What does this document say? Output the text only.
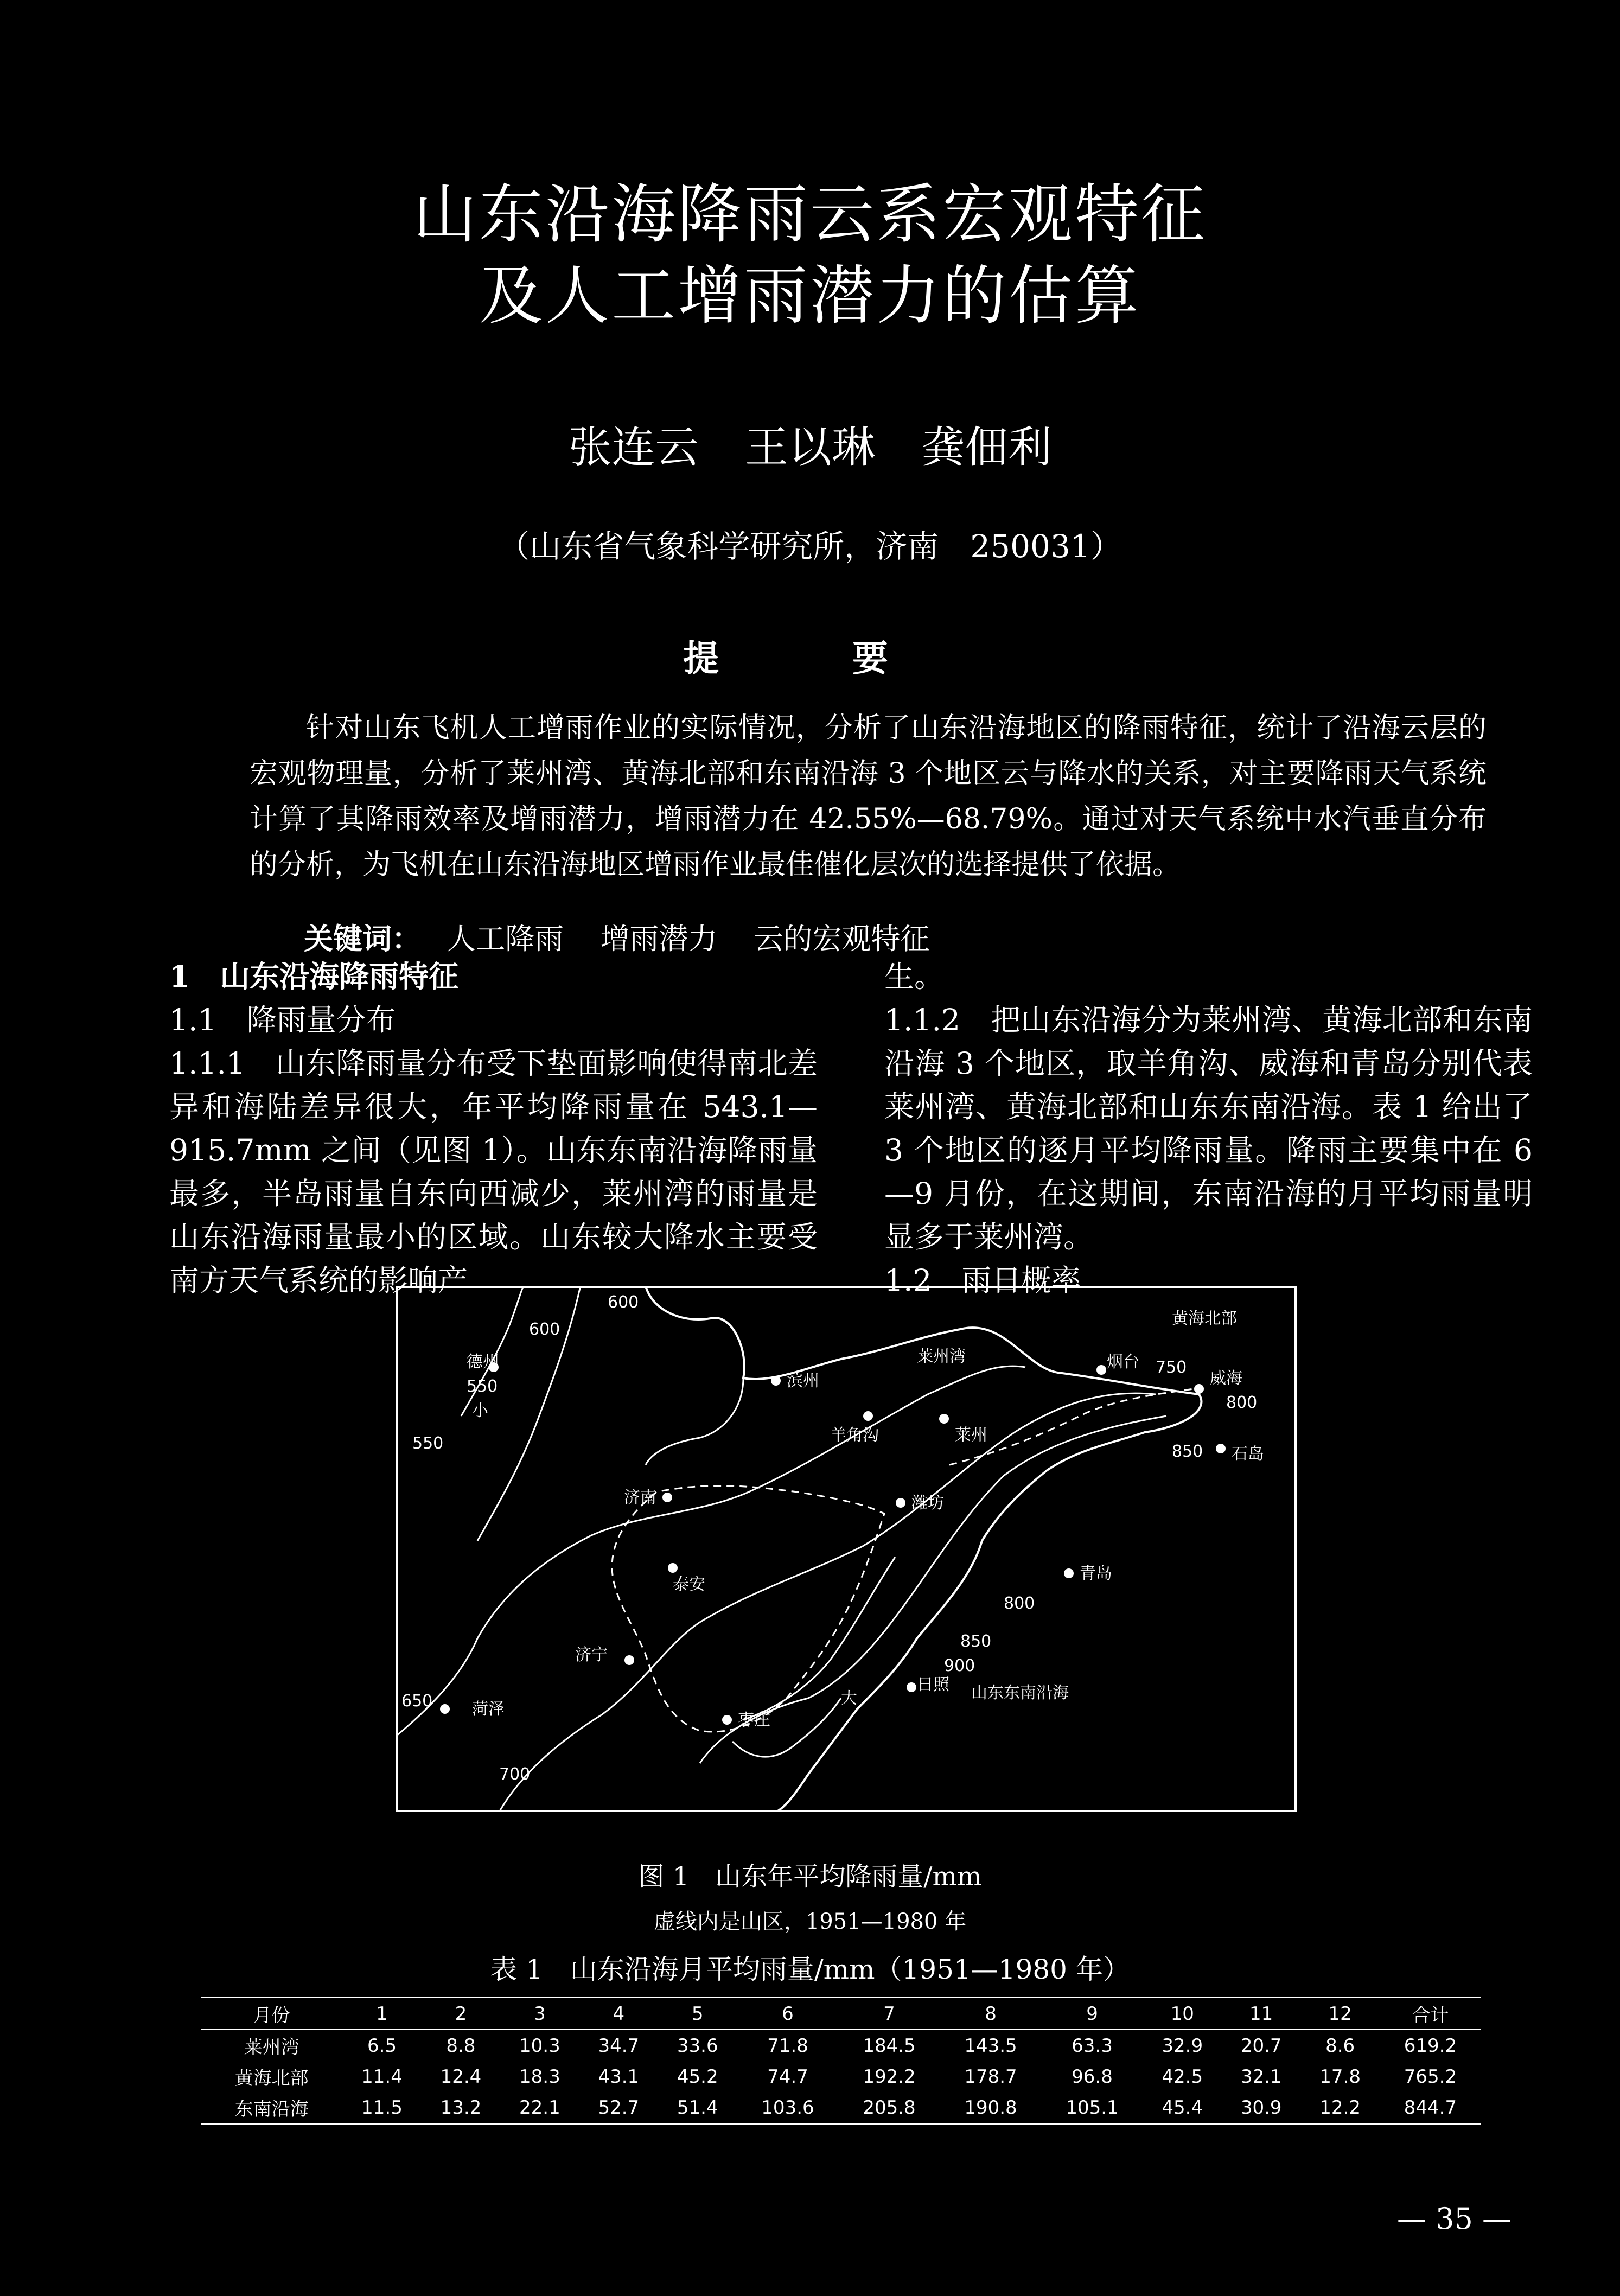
山东沿海降雨云系宏观特征
及人工增雨潜力的估算
张连云 王以琳 龚佃利
（山东省气象科学研究所，济南　250031）
提　要

针对山东飞机人工增雨作业的实际情况，分析了山东沿海地区的降雨特征，统计了沿海云层的宏观物理量，分析了莱州湾、黄海北部和东南沿海 3 个地区云与降水的关系，对主要降雨天气系统计算了其降雨效率及增雨潜力，增雨潜力在 42.55%—68.79%。通过对天气系统中水汽垂直分布的分析，为飞机在山东沿海地区增雨作业最佳催化层次的选择提供了依据。

关键词： 人工降雨 增雨潜力 云的宏观特征
1　山东沿海降雨特征
1.1　降雨量分布

1.1.1　山东降雨量分布受下垫面影响使得南北差异和海陆差异很大，年平均降雨量在 543.1—915.7mm 之间（见图 1）。山东东南沿海降雨量最多，半岛雨量自东向西减少，莱州湾的雨量是山东沿海雨量最小的区域。山东较大降水主要受南方天气系统的影响产

生。

1.1.2　把山东沿海分为莱州湾、黄海北部和东南沿海 3 个地区，取羊角沟、威海和青岛分别代表莱州湾、黄海北部和山东东南沿海。表 1 给出了 3 个地区的逐月平均降雨量。降雨主要集中在 6—9 月份，在这期间，东南沿海的月平均雨量明显多于莱州湾。

1.2　雨日概率
600
600
德州
550
小
550
滨州
莱州湾
羊角沟	莱州
烟台 750
威海
800
850 石岛
黄海北部
济南	潍坊
泰安
青岛
800
850
900
济宁
650 菏泽
枣庄
大
日照 山东东南沿海
700
图 1　山东年平均降雨量/mm
虚线内是山区，1951—1980 年
表 1　山东沿海月平均雨量/mm（1951—1980 年）
月份	1	2	3	4	5	6	7	8	9	10	11	12	合计
莱州湾	6.5	8.8	10.3	34.7	33.6	71.8	184.5	143.5	63.3	32.9	20.7	8.6	619.2
黄海北部	11.4	12.4	18.3	43.1	45.2	74.7	192.2	178.7	96.8	42.5	32.1	17.8	765.2
东南沿海	11.5	13.2	22.1	52.7	51.4	103.6	205.8	190.8	105.1	45.4	30.9	12.2	844.7
— 35 —
